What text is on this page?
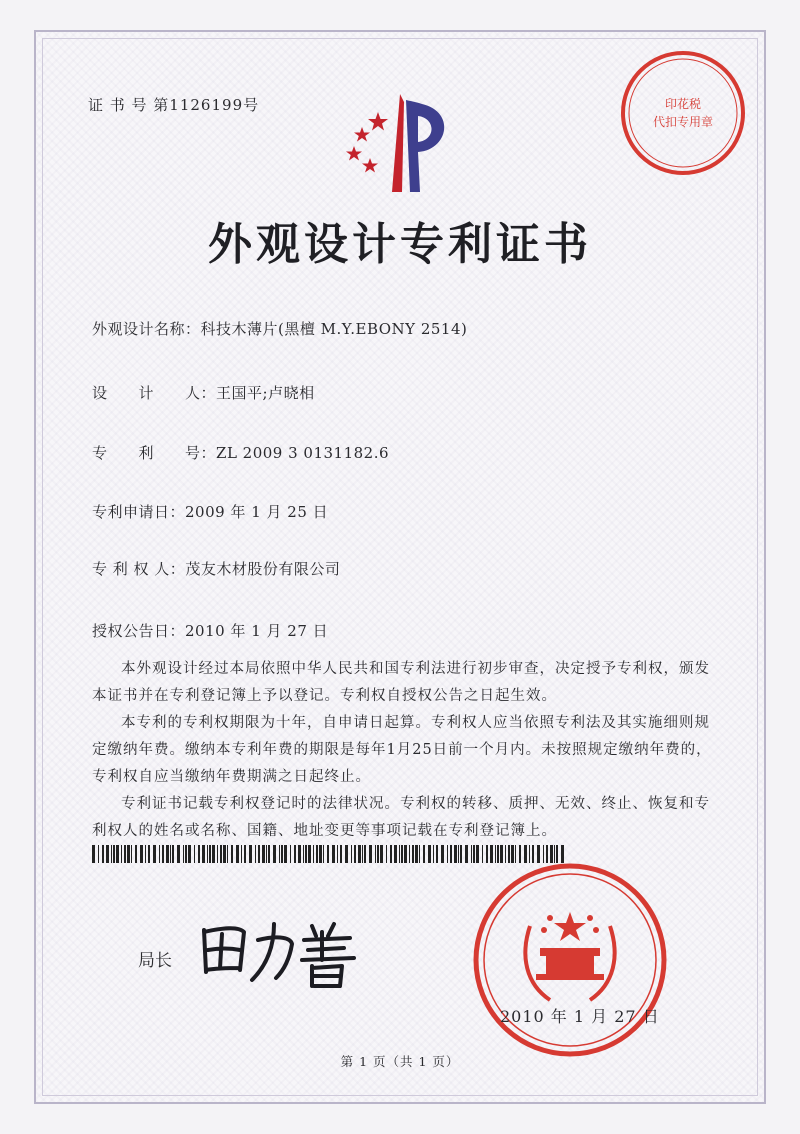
证 书 号 第1126199号
外观设计专利证书
印花税
代扣专用章
外观设计名称：科技木薄片(黑檀 M.Y.EBONY 2514)
设　　计　　人：王国平;卢晓相
专　　利　　号：ZL 2009 3 0131182.6
专利申请日：2009 年 1 月 25 日
专 利 权 人：茂友木材股份有限公司
授权公告日：2010 年 1 月 27 日

本外观设计经过本局依照中华人民共和国专利法进行初步审查，决定授予专利权，颁发本证书并在专利登记簿上予以登记。专利权自授权公告之日起生效。

本专利的专利权期限为十年，自申请日起算。专利权人应当依照专利法及其实施细则规定缴纳年费。缴纳本专利年费的期限是每年1月25日前一个月内。未按照规定缴纳年费的，专利权自应当缴纳年费期满之日起终止。

专利证书记载专利权登记时的法律状况。专利权的转移、质押、无效、终止、恢复和专利权人的姓名或名称、国籍、地址变更等事项记载在专利登记簿上。

局长
2010 年 1 月 27 日
第 1 页（共 1 页）
